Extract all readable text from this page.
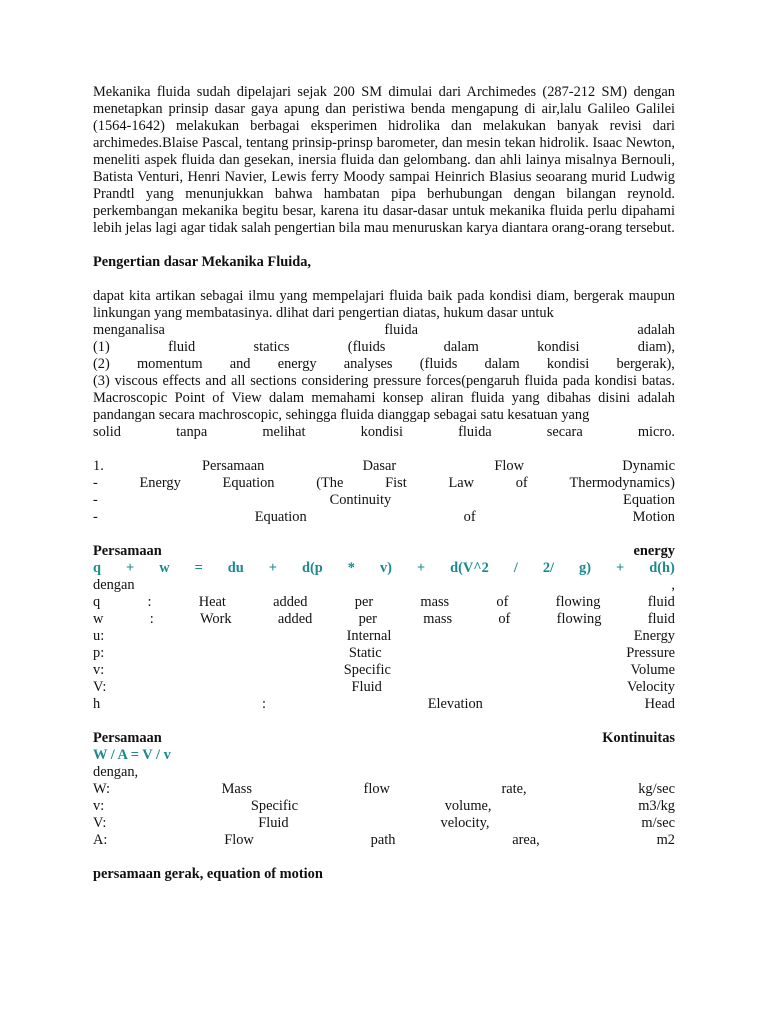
Mekanika fluida sudah dipelajari sejak 200 SM dimulai dari Archimedes (287-212 SM) dengan menetapkan prinsip dasar gaya apung dan peristiwa benda mengapung di air,lalu Galileo Galilei (1564-1642) melakukan berbagai eksperimen hidrolika dan melakukan banyak revisi dari archimedes.Blaise Pascal, tentang prinsip-prinsp barometer, dan mesin tekan hidrolik. Isaac Newton, meneliti aspek fluida dan gesekan, inersia fluida dan gelombang. dan ahli lainya misalnya Bernouli, Batista Venturi, Henri Navier, Lewis ferry Moody sampai Heinrich Blasius seoarang murid Ludwig Prandtl yang menunjukkan bahwa hambatan pipa berhubungan dengan bilangan reynold. perkembangan mekanika begitu besar, karena itu dasar-dasar untuk mekanika fluida perlu dipahami lebih jelas lagi agar tidak salah pengertian bila mau menuruskan karya diantara orang-orang tersebut.

Pengertian dasar Mekanika Fluida,

dapat kita artikan sebagai ilmu yang mempelajari fluida baik pada kondisi diam, bergerak maupun linkungan yang membatasinya. dlihat dari pengertian diatas, hukum dasar untuk

menganalisa	fluida	adalah
(1)	fluid	statics	(fluids	dalam	kondisi	diam),
(2) momentum and energy analyses (fluids dalam kondisi bergerak),

(3) viscous effects and all sections considering pressure forces(pengaruh fluida pada kondisi batas. Macroscopic Point of View dalam memahami konsep aliran fluida yang dibahas disini adalah pandangan secara machroscopic, sehingga fluida dianggap sebagai satu kesatuan yang

solid	tanpa	melihat	kondisi	fluida	secara	micro.
1.	Persamaan	Dasar	Flow	Dynamic
-	Energy	Equation	(The	Fist	Law	of	Thermodynamics)
-	Continuity	Equation
-	Equation	of	Motion
Persamaan	energy
q + w = du + d(p * v) + d(V^2 / 2/ g) + d(h)
dengan	,
q	:	Heat	added	per	mass	of	flowing	fluid
w	:	Work	added	per	mass	of	flowing	fluid
u:	Internal	Energy
p:	Static	Pressure
v:	Specific	Volume
V:	Fluid	Velocity
h	:	Elevation	Head
Persamaan	Kontinuitas
W / A = V / v
dengan,
W:	Mass	flow	rate,	kg/sec
v:	Specific	volume,	m3/kg
V:	Fluid	velocity,	m/sec
A:	Flow	path	area,	m2

persamaan gerak, equation of motion
